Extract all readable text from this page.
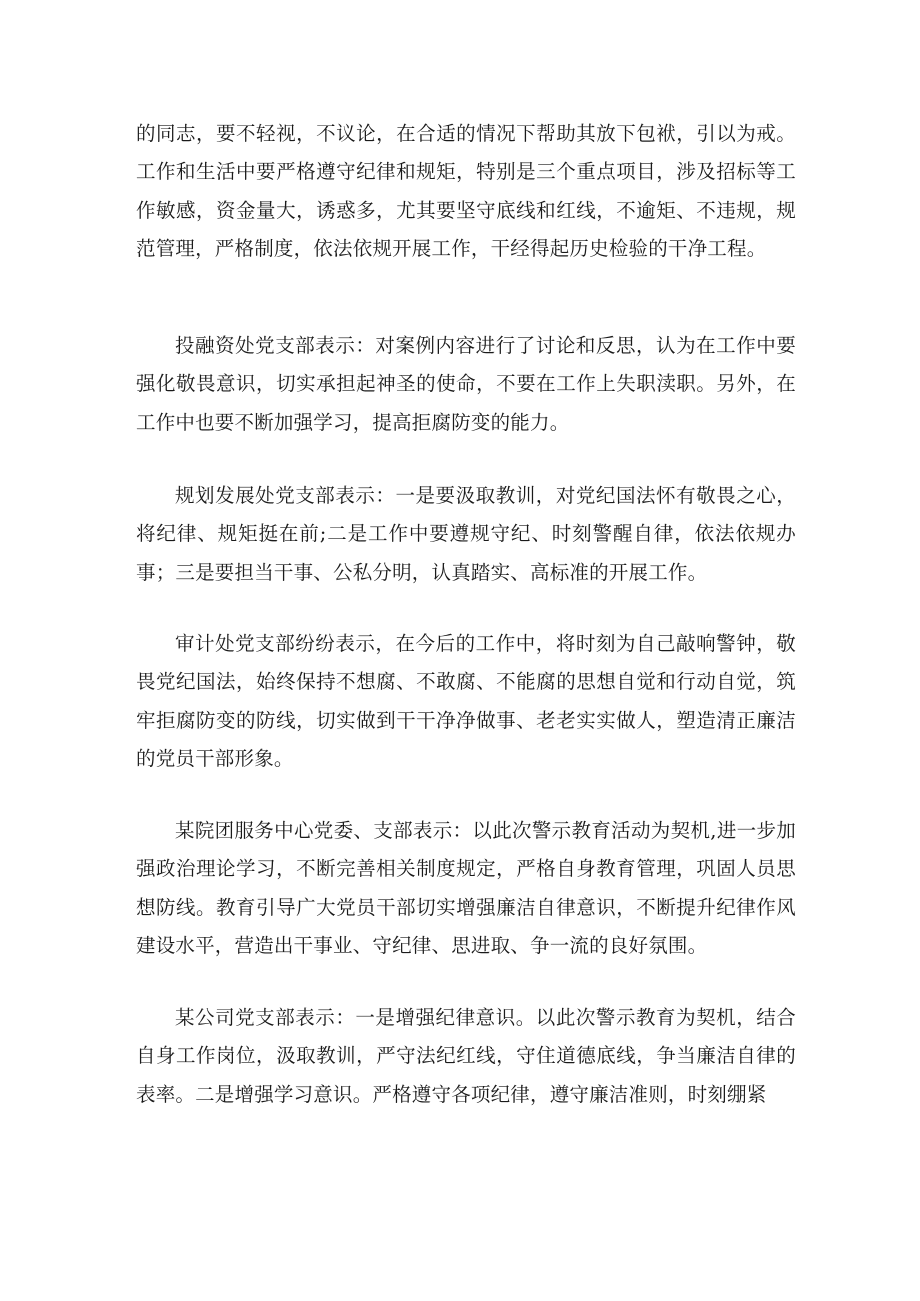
的同志，要不轻视，不议论，在合适的情况下帮助其放下包袱，引以为戒。工作和生活中要严格遵守纪律和规矩，特别是三个重点项目，涉及招标等工作敏感，资金量大，诱惑多，尤其要坚守底线和红线，不逾矩、不违规，规范管理，严格制度，依法依规开展工作，干经得起历史检验的干净工程。

投融资处党支部表示：对案例内容进行了讨论和反思，认为在工作中要强化敬畏意识，切实承担起神圣的使命，不要在工作上失职渎职。另外，在工作中也要不断加强学习，提高拒腐防变的能力。

规划发展处党支部表示：一是要汲取教训，对党纪国法怀有敬畏之心，将纪律、规矩挺在前;二是工作中要遵规守纪、时刻警醒自律，依法依规办事；三是要担当干事、公私分明，认真踏实、高标准的开展工作。

审计处党支部纷纷表示，在今后的工作中，将时刻为自己敲响警钟，敬畏党纪国法，始终保持不想腐、不敢腐、不能腐的思想自觉和行动自觉，筑牢拒腐防变的防线，切实做到干干净净做事、老老实实做人，塑造清正廉洁的党员干部形象。

某院团服务中心党委、支部表示：以此次警示教育活动为契机,进一步加强政治理论学习，不断完善相关制度规定，严格自身教育管理，巩固人员思想防线。教育引导广大党员干部切实增强廉洁自律意识，不断提升纪律作风建设水平，营造出干事业、守纪律、思进取、争一流的良好氛围。

某公司党支部表示：一是增强纪律意识。以此次警示教育为契机，结合自身工作岗位，汲取教训，严守法纪红线，守住道德底线，争当廉洁自律的表率。二是增强学习意识。严格遵守各项纪律，遵守廉洁准则，时刻绷紧
